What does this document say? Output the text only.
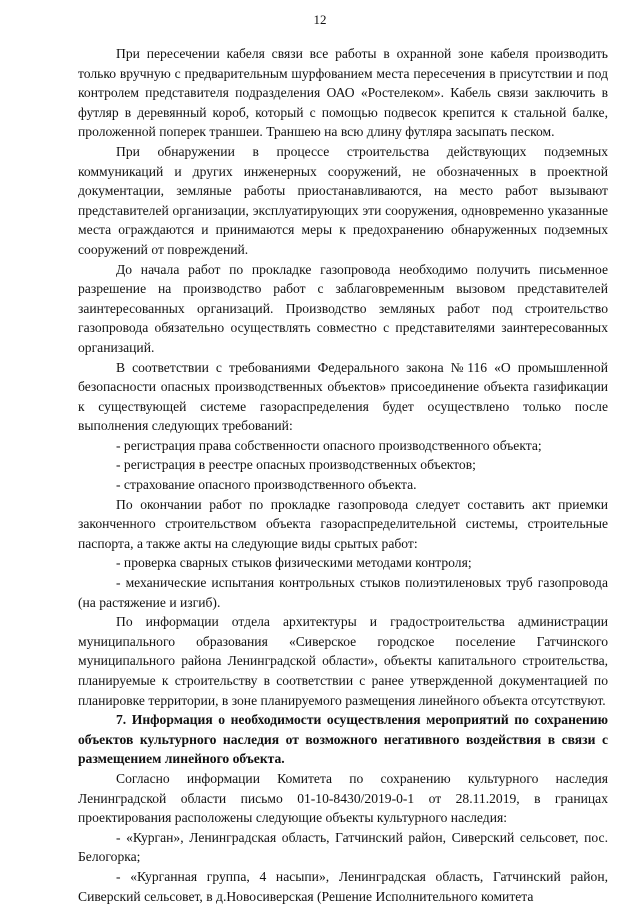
12

При пересечении кабеля связи все работы в охранной зоне кабеля производить только вручную с предварительным шурфованием места пересечения в присутствии и под контролем представителя подразделения ОАО «Ростелеком». Кабель связи заключить в футляр в деревянный короб, который с помощью подвесок крепится к стальной балке, проложенной поперек траншеи. Траншею на всю длину футляра засыпать песком.

При обнаружении в процессе строительства действующих подземных коммуникаций и других инженерных сооружений, не обозначенных в проектной документации, земляные работы приостанавливаются, на место работ вызывают представителей организации, эксплуатирующих эти сооружения, одновременно указанные места ограждаются и принимаются меры к предохранению обнаруженных подземных сооружений от повреждений.

До начала работ по прокладке газопровода необходимо получить письменное разрешение на производство работ с заблаговременным вызовом представителей заинтересованных организаций. Производство земляных работ под строительство газопровода обязательно осуществлять совместно с представителями заинтересованных организаций.

В соответствии с требованиями Федерального закона №116 «О промышленной безопасности опасных производственных объектов» присоединение объекта газификации к существующей системе газораспределения будет осуществлено только после выполнения следующих требований:

- регистрация права собственности опасного производственного объекта;

- регистрация в реестре опасных производственных объектов;

- страхование опасного производственного объекта.

По окончании работ по прокладке газопровода следует составить акт приемки законченного строительством объекта газораспределительной системы, строительные паспорта, а также акты на следующие виды срытых работ:

- проверка сварных стыков физическими методами контроля;

- механические испытания контрольных стыков полиэтиленовых труб газопровода (на растяжение и изгиб).

По информации отдела архитектуры и градостроительства администрации муниципального образования «Сиверское городское поселение Гатчинского муниципального района Ленинградской области», объекты капитального строительства, планируемые к строительству в соответствии с ранее утвержденной документацией по планировке территории, в зоне планируемого размещения линейного объекта отсутствуют.

7. Информация о необходимости осуществления мероприятий по сохранению объектов культурного наследия от возможного негативного воздействия в связи с размещением линейного объекта.

Согласно информации Комитета по сохранению культурного наследия Ленинградской области письмо 01-10-8430/2019-0-1 от 28.11.2019, в границах проектирования расположены следующие объекты культурного наследия:

- «Курган», Ленинградская область, Гатчинский район, Сиверский сельсовет, пос. Белогорка;

- «Курганная группа, 4 насыпи», Ленинградская область, Гатчинский район, Сиверский сельсовет, в д.Новосиверская (Решение Исполнительного комитета
